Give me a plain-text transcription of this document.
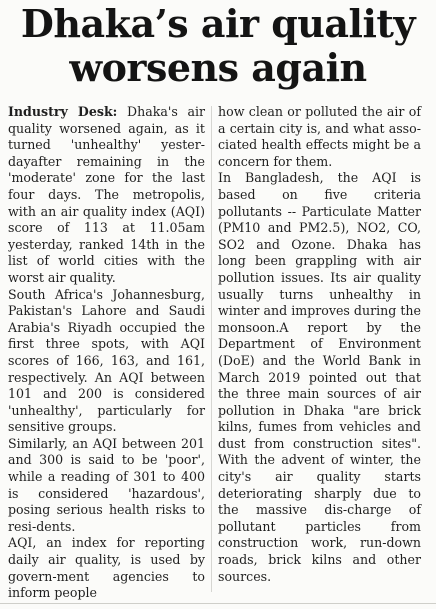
Dhaka’s air quality
worsens again

Industry Desk: Dhaka's air quality worsened again, as it turned 'unhealthy' yester-dayafter remaining in the 'moderate' zone for the last four days. The metropolis, with an air quality index (AQI) score of 113 at 11.05am yesterday, ranked 14th in the list of world cities with the worst air quality.

South Africa's Johannesburg, Pakistan's Lahore and Saudi Arabia's Riyadh occupied the first three spots, with AQI scores of 166, 163, and 161, respectively. An AQI between 101 and 200 is considered 'unhealthy', particularly for sensitive groups.

Similarly, an AQI between 201 and 300 is said to be 'poor', while a reading of 301 to 400 is considered 'hazardous', posing serious health risks to resi-dents.

AQI, an index for reporting daily air quality, is used by govern-ment agencies to inform people

how clean or polluted the air of a certain city is, and what asso-ciated health effects might be a concern for them.

In Bangladesh, the AQI is based on five criteria pollutants -- Particulate Matter (PM10 and PM2.5), NO2, CO, SO2 and Ozone. Dhaka has long been grappling with air pollution issues. Its air quality usually turns unhealthy in winter and improves during the monsoon.A report by the Department of Environment (DoE) and the World Bank in March 2019 pointed out that the three main sources of air pollution in Dhaka "are brick kilns, fumes from vehicles and dust from construction sites". With the advent of winter, the city's air quality starts deteriorating sharply due to the massive dis-charge of pollutant particles from construction work, run-down roads, brick kilns and other sources.
